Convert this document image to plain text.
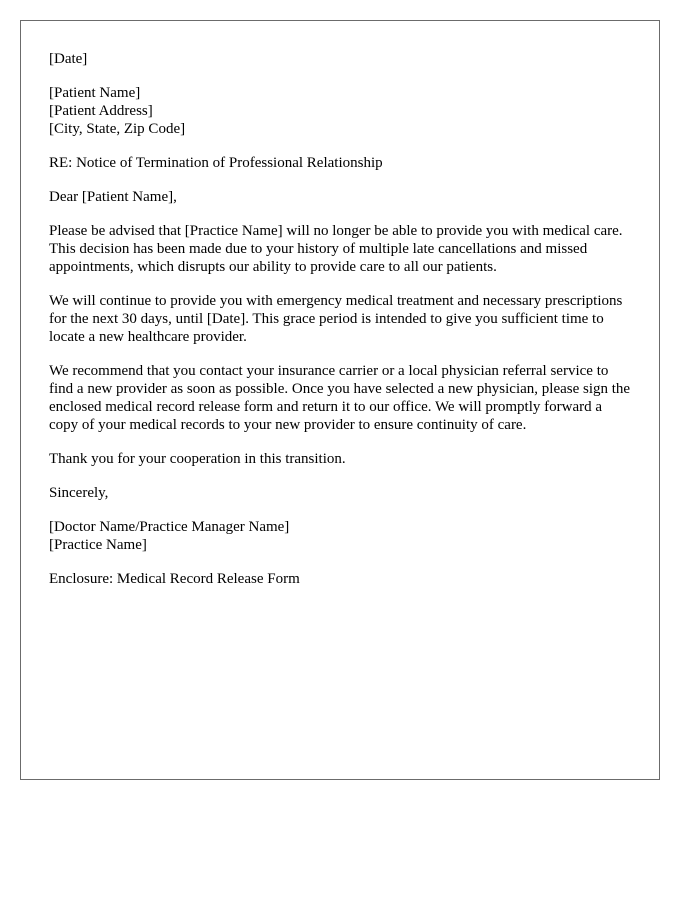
[Date]
[Patient Name]
[Patient Address]
[City, State, Zip Code]
RE: Notice of Termination of Professional Relationship
Dear [Patient Name],

Please be advised that [Practice Name] will no longer be able to provide you with medical care. This decision has been made due to your history of multiple late cancellations and missed appointments, which disrupts our ability to provide care to all our patients.

We will continue to provide you with emergency medical treatment and necessary prescriptions for the next 30 days, until [Date]. This grace period is intended to give you sufficient time to locate a new healthcare provider.

We recommend that you contact your insurance carrier or a local physician referral service to find a new provider as soon as possible. Once you have selected a new physician, please sign the enclosed medical record release form and return it to our office. We will promptly forward a copy of your medical records to your new provider to ensure continuity of care.

Thank you for your cooperation in this transition.

Sincerely,
[Doctor Name/Practice Manager Name]
[Practice Name]
Enclosure: Medical Record Release Form
